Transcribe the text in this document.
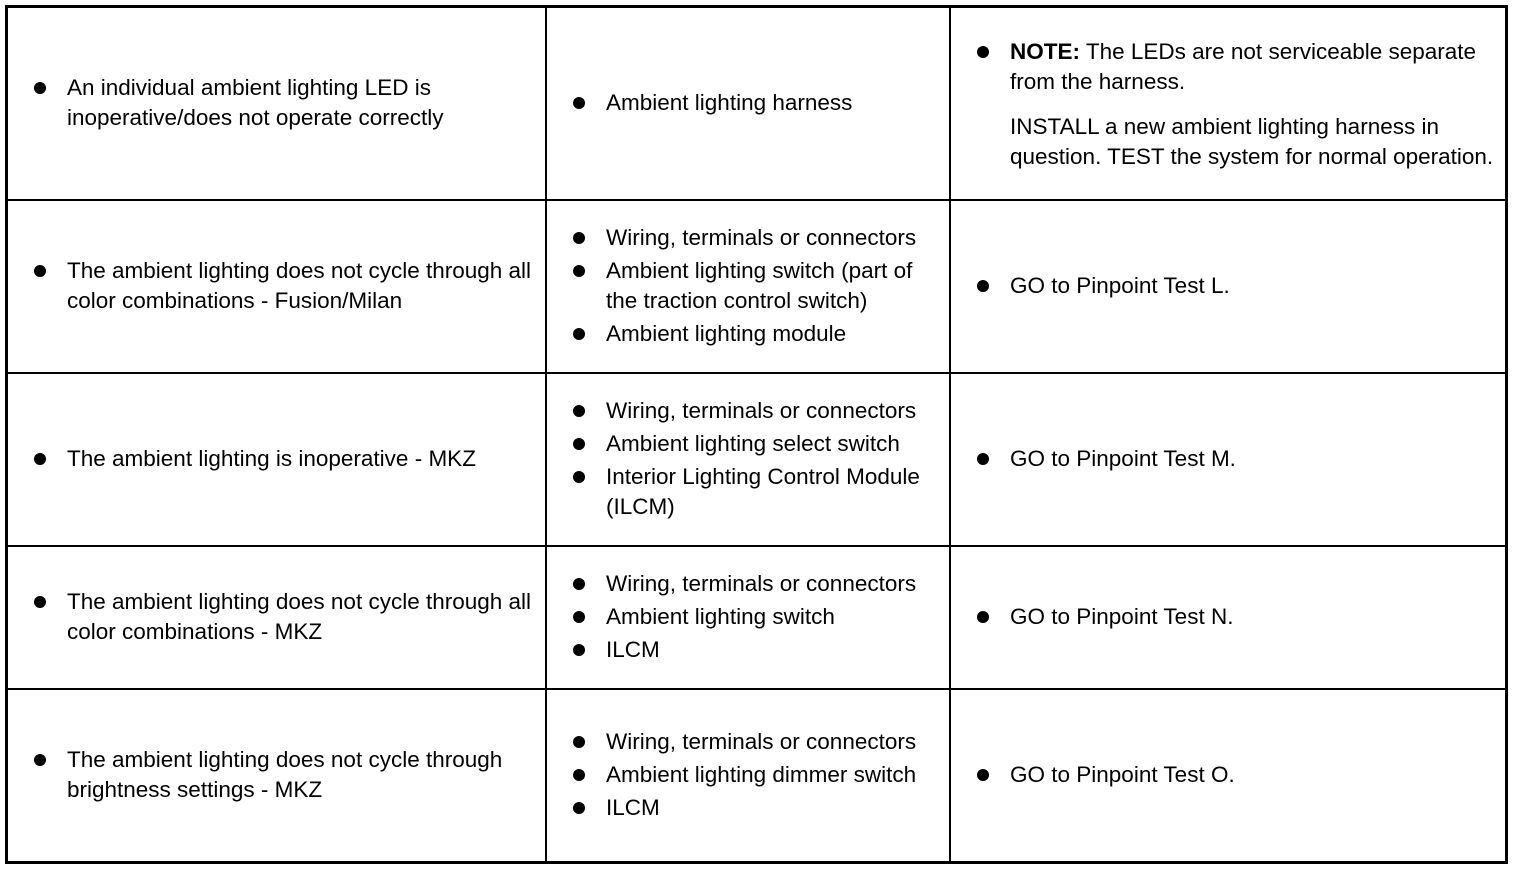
An individual ambient lighting LED is inoperative/does not operate correctly
Ambient lighting harness
NOTE: The LEDs are not serviceable separate from the harness.
INSTALL a new ambient lighting harness in question. TEST the system for normal operation.
The ambient lighting does not cycle through all color combinations - Fusion/Milan
Wiring, terminals or connectors
Ambient lighting switch (part of the traction control switch)
Ambient lighting module
GO to Pinpoint Test L.
The ambient lighting is inoperative - MKZ
Wiring, terminals or connectors
Ambient lighting select switch
Interior Lighting Control Module (ILCM)
GO to Pinpoint Test M.
The ambient lighting does not cycle through all color combinations - MKZ
Wiring, terminals or connectors
Ambient lighting switch
ILCM
GO to Pinpoint Test N.
The ambient lighting does not cycle through brightness settings - MKZ
Wiring, terminals or connectors
Ambient lighting dimmer switch
ILCM
GO to Pinpoint Test O.
